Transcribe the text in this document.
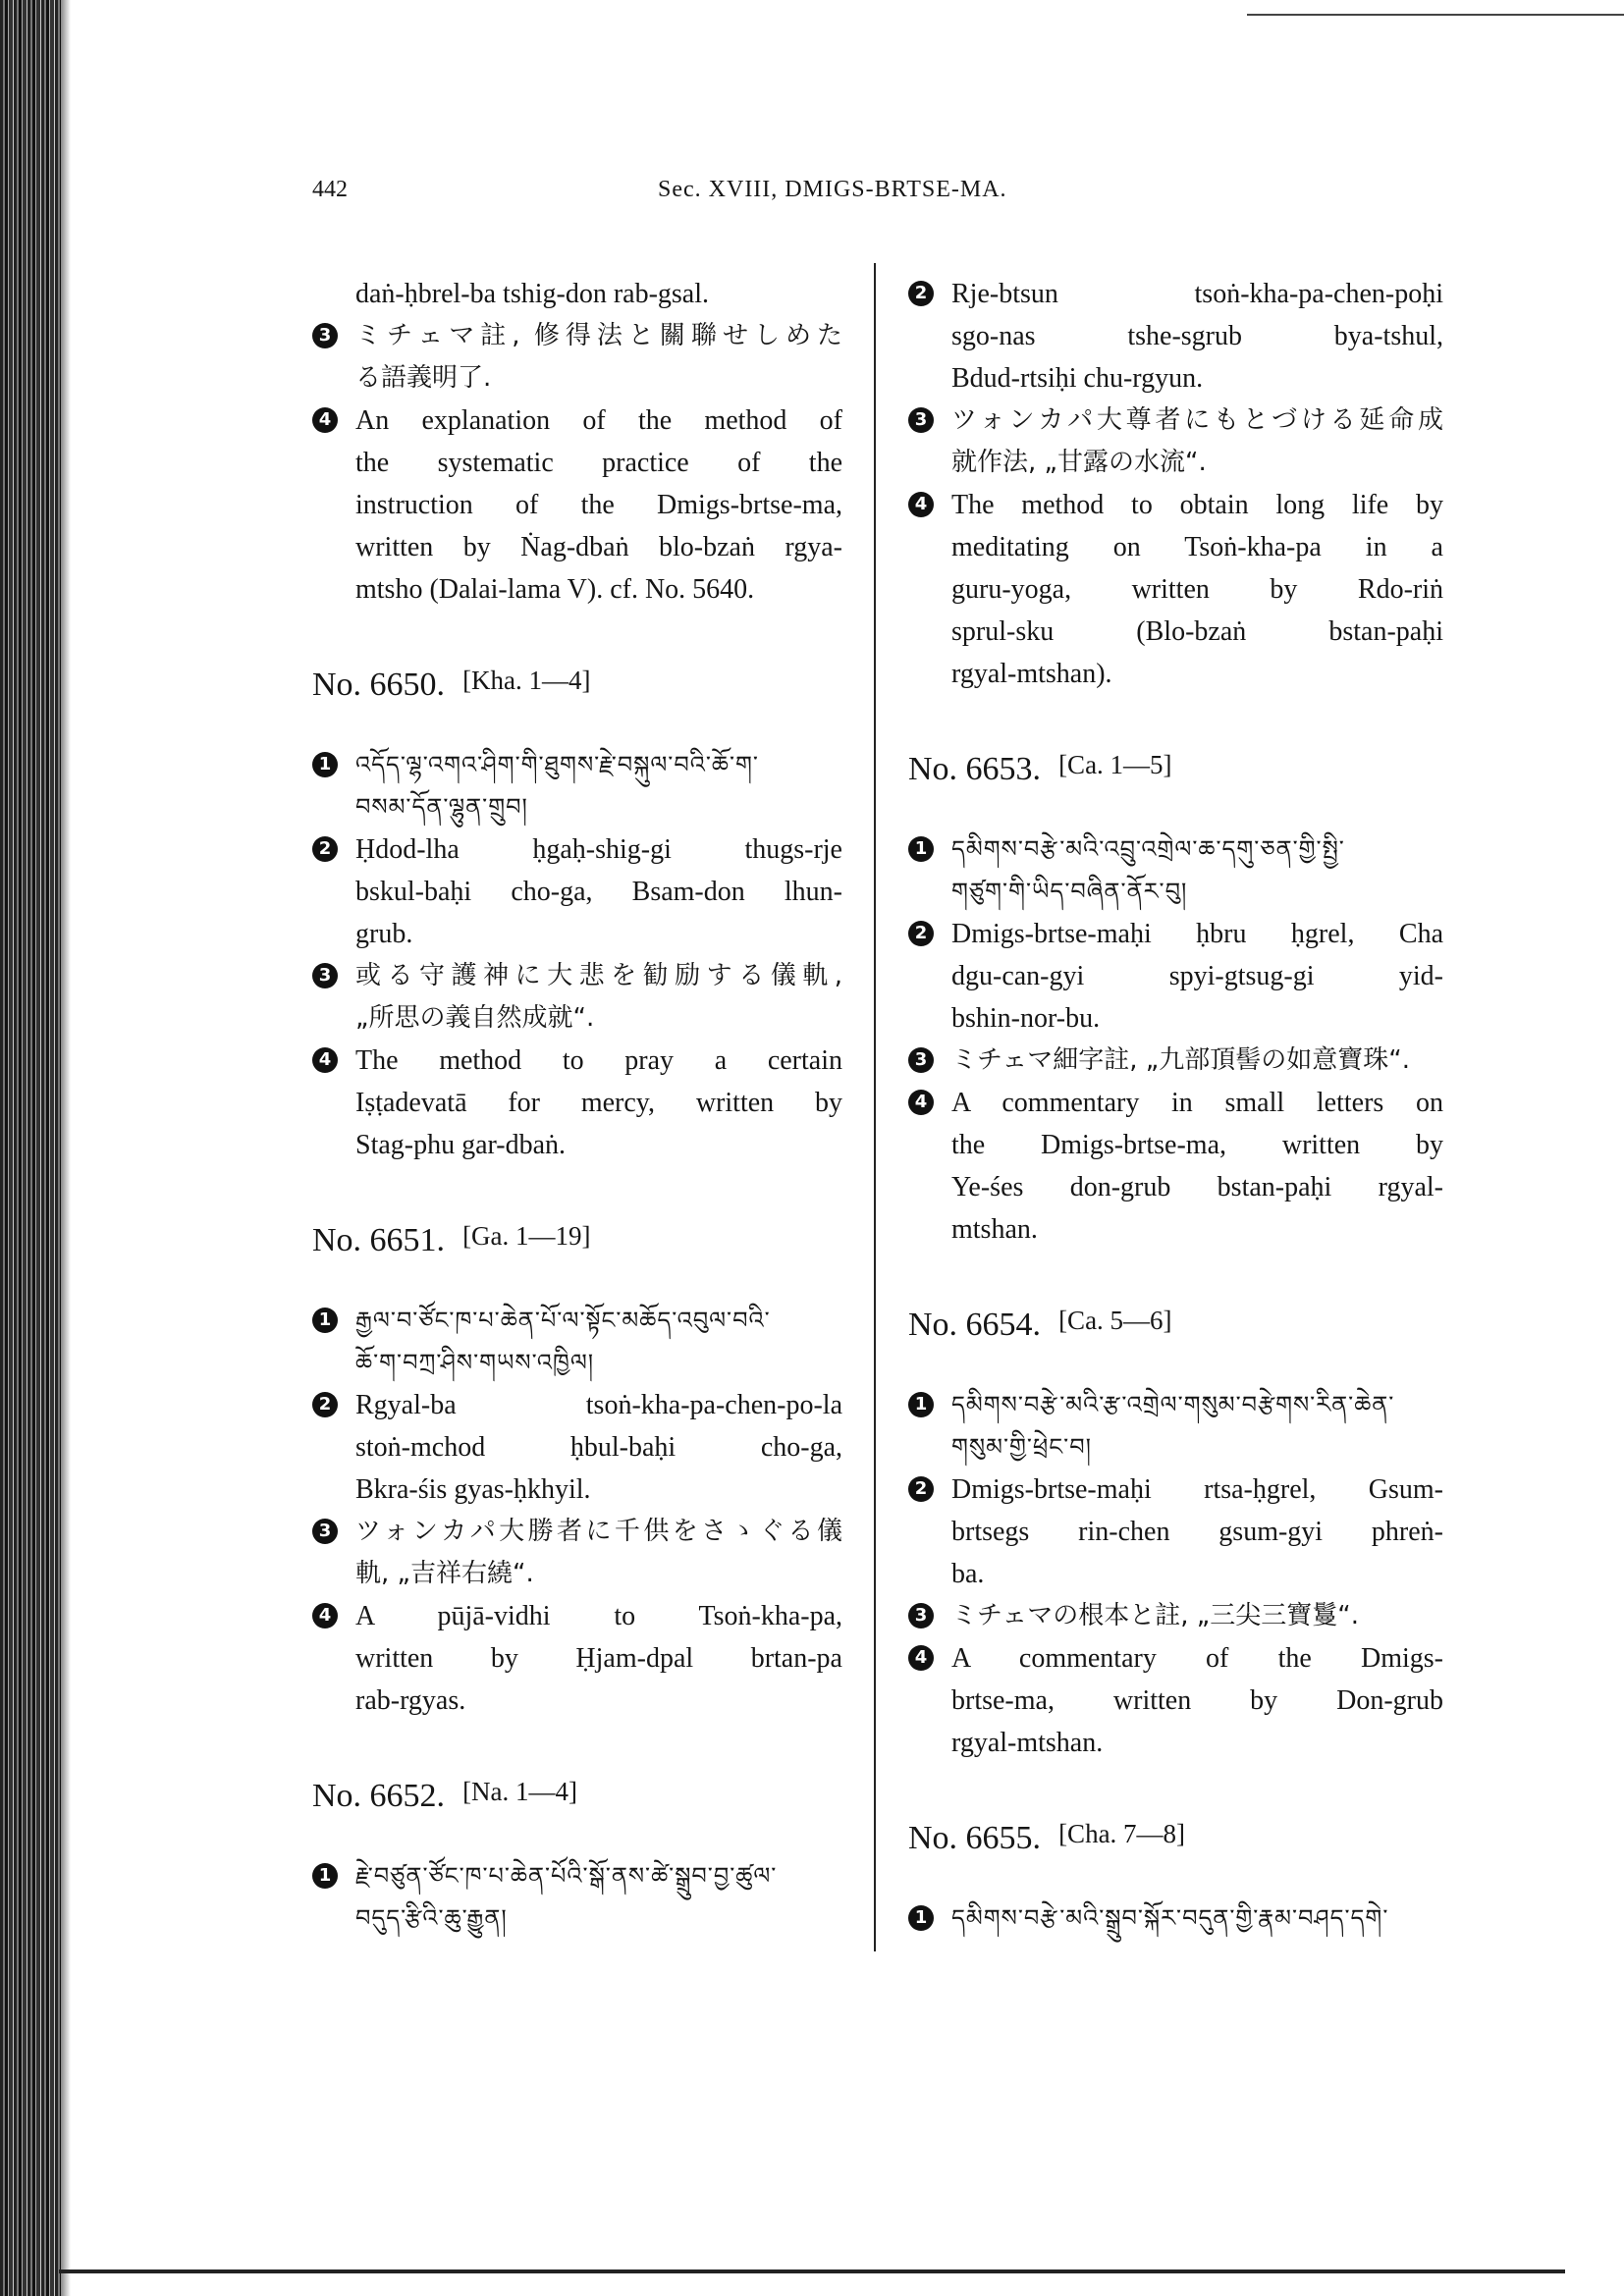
442	Sec. XVIII, DMIGS-BRTSE-MA.
daṅ-ḥbrel-ba tshig-don rab-gsal.
3 ミチェマ註, 修得法と關聯せしめた
る語義明了.
4 An explanation of the method of
the systematic practice of the
instruction of the Dmigs-brtse-ma,
written by Ṅag-dbaṅ blo-bzaṅ rgya-
mtsho (Dalai-lama V). cf. No. 5640.
No. 6650. [Kha. 1—4]
1 འདོད་ལྷ་འགའ་ཤིག་གི་ཐུགས་རྗེ་བསྐུལ་བའི་ཆོ་ག་
བསམ་དོན་ལྷུན་གྲུབ།
2 Ḥdod-lha ḥgaḥ-shig-gi thugs-rje
bskul-baḥi cho-ga, Bsam-don lhun-
grub.
3 或る守護神に大悲を勧励する儀軌,
„所思の義自然成就“.
4 The method to pray a certain
Iṣṭadevatā for mercy, written by
Stag-phu gar-dbaṅ.
No. 6651. [Ga. 1—19]
1 རྒྱལ་བ་ཙོང་ཁ་པ་ཆེན་པོ་ལ་སྟོང་མཆོད་འབུལ་བའི་
ཆོ་ག་བཀྲ་ཤིས་གཡས་འཁྱིལ།
2 Rgyal-ba tsoṅ-kha-pa-chen-po-la
stoṅ-mchod ḥbul-baḥi cho-ga,
Bkra-śis gyas-ḥkhyil.
3 ツォンカパ大勝者に千供をさゝぐる儀
軌, „吉祥右繞“.
4 A pūjā-vidhi to Tsoṅ-kha-pa,
written by Ḥjam-dpal brtan-pa
rab-rgyas.
No. 6652. [Na. 1—4]
1 རྗེ་བཙུན་ཙོང་ཁ་པ་ཆེན་པོའི་སྒོ་ནས་ཚེ་སྒྲུབ་བྱ་ཚུལ་
བདུད་རྩིའི་ཆུ་རྒྱུན།
2 Rje-btsun tsoṅ-kha-pa-chen-poḥi
sgo-nas tshe-sgrub bya-tshul,
Bdud-rtsiḥi chu-rgyun.
3 ツォンカパ大尊者にもとづける延命成
就作法, „甘露の水流“.
4 The method to obtain long life by
meditating on Tsoṅ-kha-pa in a
guru-yoga, written by Rdo-riṅ
sprul-sku (Blo-bzaṅ bstan-paḥi
rgyal-mtshan).
No. 6653. [Ca. 1—5]
1 དམིགས་བརྩེ་མའི་འབྲུ་འགྲེལ་ཆ་དགུ་ཅན་གྱི་སྤྱི་
གཙུག་གི་ཡིད་བཞིན་ནོར་བུ།
2 Dmigs-brtse-maḥi ḥbru ḥgrel, Cha
dgu-can-gyi spyi-gtsug-gi yid-
bshin-nor-bu.
3 ミチェマ細字註, „九部頂髻の如意寶珠“.
4 A commentary in small letters on
the Dmigs-brtse-ma, written by
Ye-śes don-grub bstan-paḥi rgyal-
mtshan.
No. 6654. [Ca. 5—6]
1 དམིགས་བརྩེ་མའི་རྩ་འགྲེལ་གསུམ་བརྩེགས་རིན་ཆེན་
གསུམ་གྱི་ཕྲེང་བ།
2 Dmigs-brtse-maḥi rtsa-ḥgrel, Gsum-
brtsegs rin-chen gsum-gyi phreṅ-
ba.
3 ミチェマの根本と註, „三尖三寶鬘“.
4 A commentary of the Dmigs-
brtse-ma, written by Don-grub
rgyal-mtshan.
No. 6655. [Cha. 7—8]
1 དམིགས་བརྩེ་མའི་སྒྲུབ་སྐོར་བདུན་གྱི་རྣམ་བཤད་དགེ་
